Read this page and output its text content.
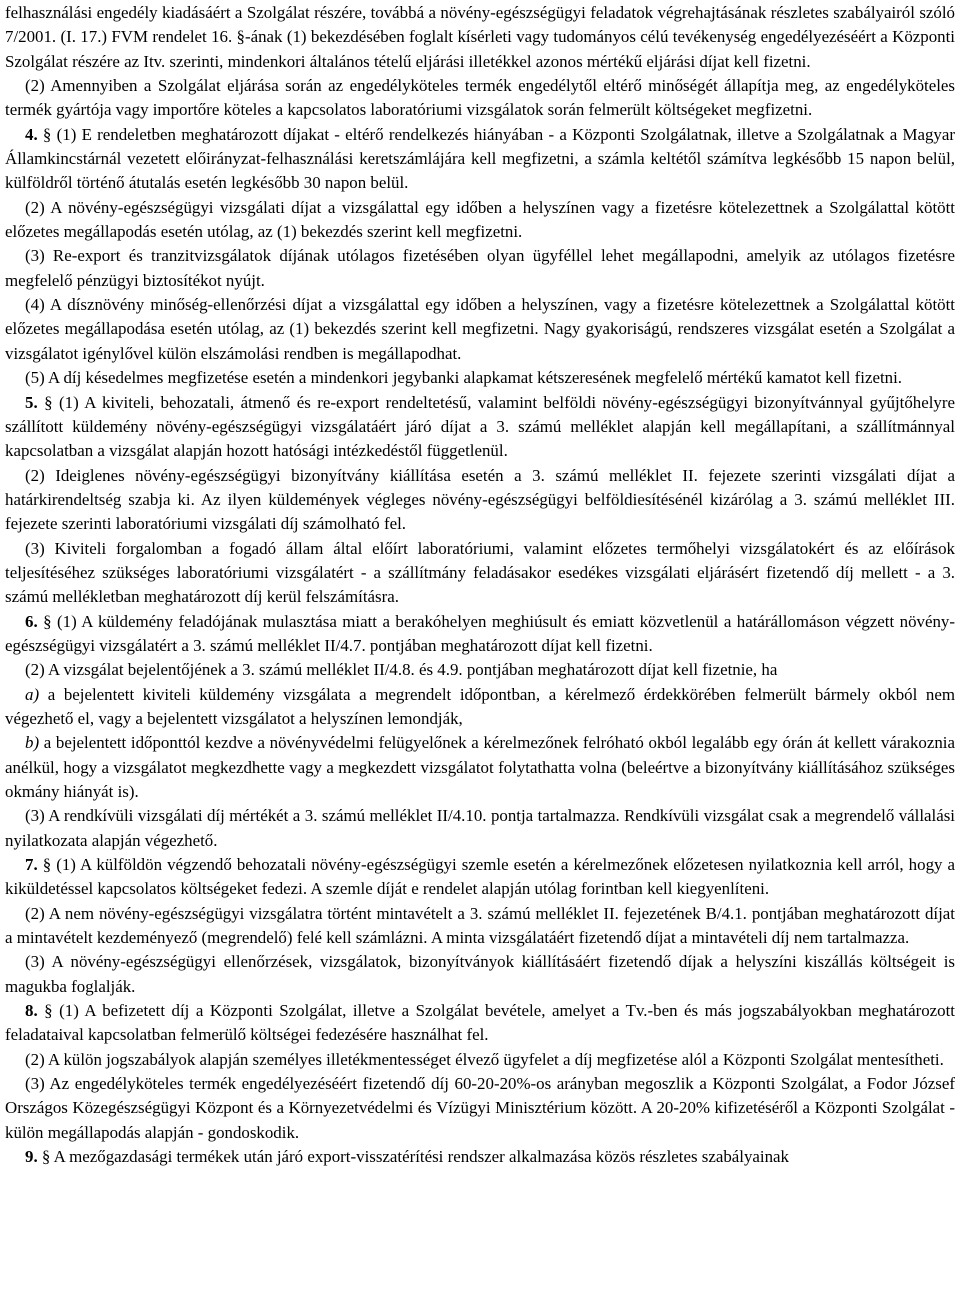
felhasználási engedély kiadásáért a Szolgálat részére, továbbá a növény-egészségügyi feladatok végrehajtásának részletes szabályairól szóló 7/2001. (I. 17.) FVM rendelet 16. §-ának (1) bekezdésében foglalt kísérleti vagy tudományos célú tevékenység engedélyezéséért a Központi Szolgálat részére az Itv. szerinti, mindenkori általános tételű eljárási illetékkel azonos mértékű eljárási díjat kell fizetni.

(2) Amennyiben a Szolgálat eljárása során az engedélyköteles termék engedélytől eltérő minőségét állapítja meg, az engedélyköteles termék gyártója vagy importőre köteles a kapcsolatos laboratóriumi vizsgálatok során felmerült költségeket megfizetni.

4. § (1) E rendeletben meghatározott díjakat - eltérő rendelkezés hiányában - a Központi Szolgálatnak, illetve a Szolgálatnak a Magyar Államkincstárnál vezetett előirányzat-felhasználási keretszámlájára kell megfizetni, a számla keltétől számítva legkésőbb 15 napon belül, külföldről történő átutalás esetén legkésőbb 30 napon belül.

(2) A növény-egészségügyi vizsgálati díjat a vizsgálattal egy időben a helyszínen vagy a fizetésre kötelezettnek a Szolgálattal kötött előzetes megállapodás esetén utólag, az (1) bekezdés szerint kell megfizetni.

(3) Re-export és tranzitvizsgálatok díjának utólagos fizetésében olyan ügyféllel lehet megállapodni, amelyik az utólagos fizetésre megfelelő pénzügyi biztosítékot nyújt.

(4) A dísznövény minőség-ellenőrzési díjat a vizsgálattal egy időben a helyszínen, vagy a fizetésre kötelezettnek a Szolgálattal kötött előzetes megállapodása esetén utólag, az (1) bekezdés szerint kell megfizetni. Nagy gyakoriságú, rendszeres vizsgálat esetén a Szolgálat a vizsgálatot igénylővel külön elszámolási rendben is megállapodhat.

(5) A díj késedelmes megfizetése esetén a mindenkori jegybanki alapkamat kétszeresének megfelelő mértékű kamatot kell fizetni.

5. § (1) A kiviteli, behozatali, átmenő és re-export rendeltetésű, valamint belföldi növény-egészségügyi bizonyítvánnyal gyűjtőhelyre szállított küldemény növény-egészségügyi vizsgálatáért járó díjat a 3. számú melléklet alapján kell megállapítani, a szállítmánnyal kapcsolatban a vizsgálat alapján hozott hatósági intézkedéstől függetlenül.

(2) Ideiglenes növény-egészségügyi bizonyítvány kiállítása esetén a 3. számú melléklet II. fejezete szerinti vizsgálati díjat a határkirendeltség szabja ki. Az ilyen küldemények végleges növény-egészségügyi belföldiesítésénél kizárólag a 3. számú melléklet III. fejezete szerinti laboratóriumi vizsgálati díj számolható fel.

(3) Kiviteli forgalomban a fogadó állam által előírt laboratóriumi, valamint előzetes termőhelyi vizsgálatokért és az előírások teljesítéséhez szükséges laboratóriumi vizsgálatért - a szállítmány feladásakor esedékes vizsgálati eljárásért fizetendő díj mellett - a 3. számú mellékletban meghatározott díj kerül felszámításra.

6. § (1) A küldemény feladójának mulasztása miatt a berakóhelyen meghiúsult és emiatt közvetlenül a határállomáson végzett növény-egészségügyi vizsgálatért a 3. számú melléklet II/4.7. pontjában meghatározott díjat kell fizetni.

(2) A vizsgálat bejelentőjének a 3. számú melléklet II/4.8. és 4.9. pontjában meghatározott díjat kell fizetnie, ha

a) a bejelentett kiviteli küldemény vizsgálata a megrendelt időpontban, a kérelmező érdekkörében felmerült bármely okból nem végezhető el, vagy a bejelentett vizsgálatot a helyszínen lemondják,

b) a bejelentett időponttól kezdve a növényvédelmi felügyelőnek a kérelmezőnek felróható okból legalább egy órán át kellett várakoznia anélkül, hogy a vizsgálatot megkezdhette vagy a megkezdett vizsgálatot folytathatta volna (beleértve a bizonyítvány kiállításához szükséges okmány hiányát is).

(3) A rendkívüli vizsgálati díj mértékét a 3. számú melléklet II/4.10. pontja tartalmazza. Rendkívüli vizsgálat csak a megrendelő vállalási nyilatkozata alapján végezhető.

7. § (1) A külföldön végzendő behozatali növény-egészségügyi szemle esetén a kérelmezőnek előzetesen nyilatkoznia kell arról, hogy a kiküldetéssel kapcsolatos költségeket fedezi. A szemle díját e rendelet alapján utólag forintban kell kiegyenlíteni.

(2) A nem növény-egészségügyi vizsgálatra történt mintavételt a 3. számú melléklet II. fejezetének B/4.1. pontjában meghatározott díjat a mintavételt kezdeményező (megrendelő) felé kell számlázni. A minta vizsgálatáért fizetendő díjat a mintavételi díj nem tartalmazza.

(3) A növény-egészségügyi ellenőrzések, vizsgálatok, bizonyítványok kiállításáért fizetendő díjak a helyszíni kiszállás költségeit is magukba foglalják.

8. § (1) A befizetett díj a Központi Szolgálat, illetve a Szolgálat bevétele, amelyet a Tv.-ben és más jogszabályokban meghatározott feladataival kapcsolatban felmerülő költségei fedezésére használhat fel.

(2) A külön jogszabályok alapján személyes illetékmentességet élvező ügyfelet a díj megfizetése alól a Központi Szolgálat mentesítheti.

(3) Az engedélyköteles termék engedélyezéséért fizetendő díj 60-20-20%-os arányban megoszlik a Központi Szolgálat, a Fodor József Országos Közegészségügyi Központ és a Környezetvédelmi és Vízügyi Minisztérium között. A 20-20% kifizetéséről a Központi Szolgálat - külön megállapodás alapján - gondoskodik.

9. § A mezőgazdasági termékek után járó export-visszatérítési rendszer alkalmazása közös részletes szabályainak
